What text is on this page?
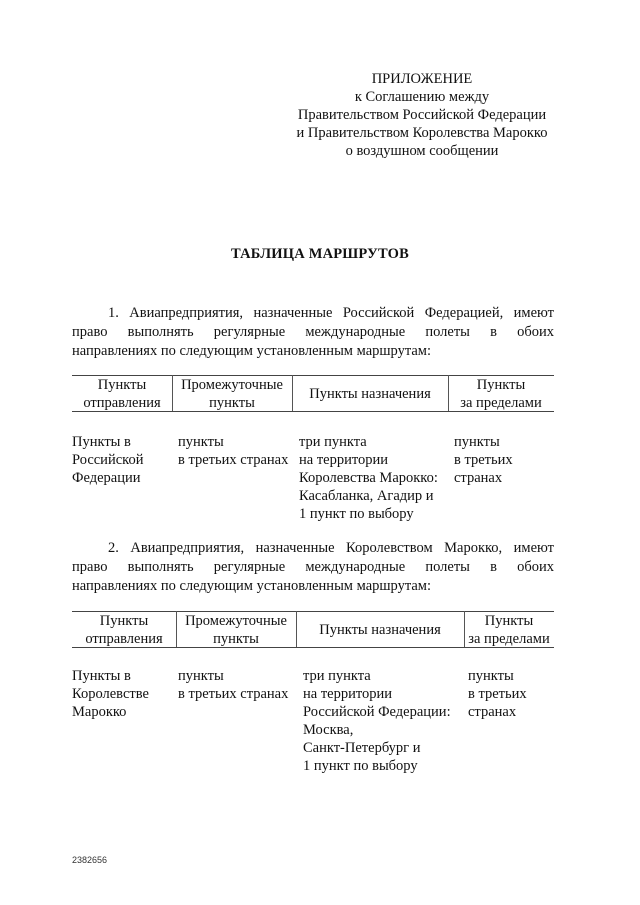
ПРИЛОЖЕНИЕ
к Соглашению между
Правительством Российской Федерации
и Правительством Королевства Марокко
о воздушном сообщении
ТАБЛИЦА МАРШРУТОВ
1. Авиапредприятия, назначенные Российской Федерацией, имеют
право выполнять регулярные международные полеты в обоих
направлениях по следующим установленным маршрутам:
Пункты
отправления
Промежуточные
пункты
Пункты назначения
Пункты
за пределами
Пункты в
Российской
Федерации
пункты
в третьих странах
три пункта
на территории
Королевства Марокко:
Касабланка, Агадир и
1 пункт по выбору
пункты
в третьих
странах
2. Авиапредприятия, назначенные Королевством Марокко, имеют
право выполнять регулярные международные полеты в обоих
направлениях по следующим установленным маршрутам:
Пункты
отправления
Промежуточные
пункты
Пункты назначения
Пункты
за пределами
Пункты в
Королевстве
Марокко
пункты
в третьих странах
три пункта
на территории
Российской Федерации:
Москва,
Санкт-Петербург и
1 пункт по выбору
пункты
в третьих
странах
2382656
